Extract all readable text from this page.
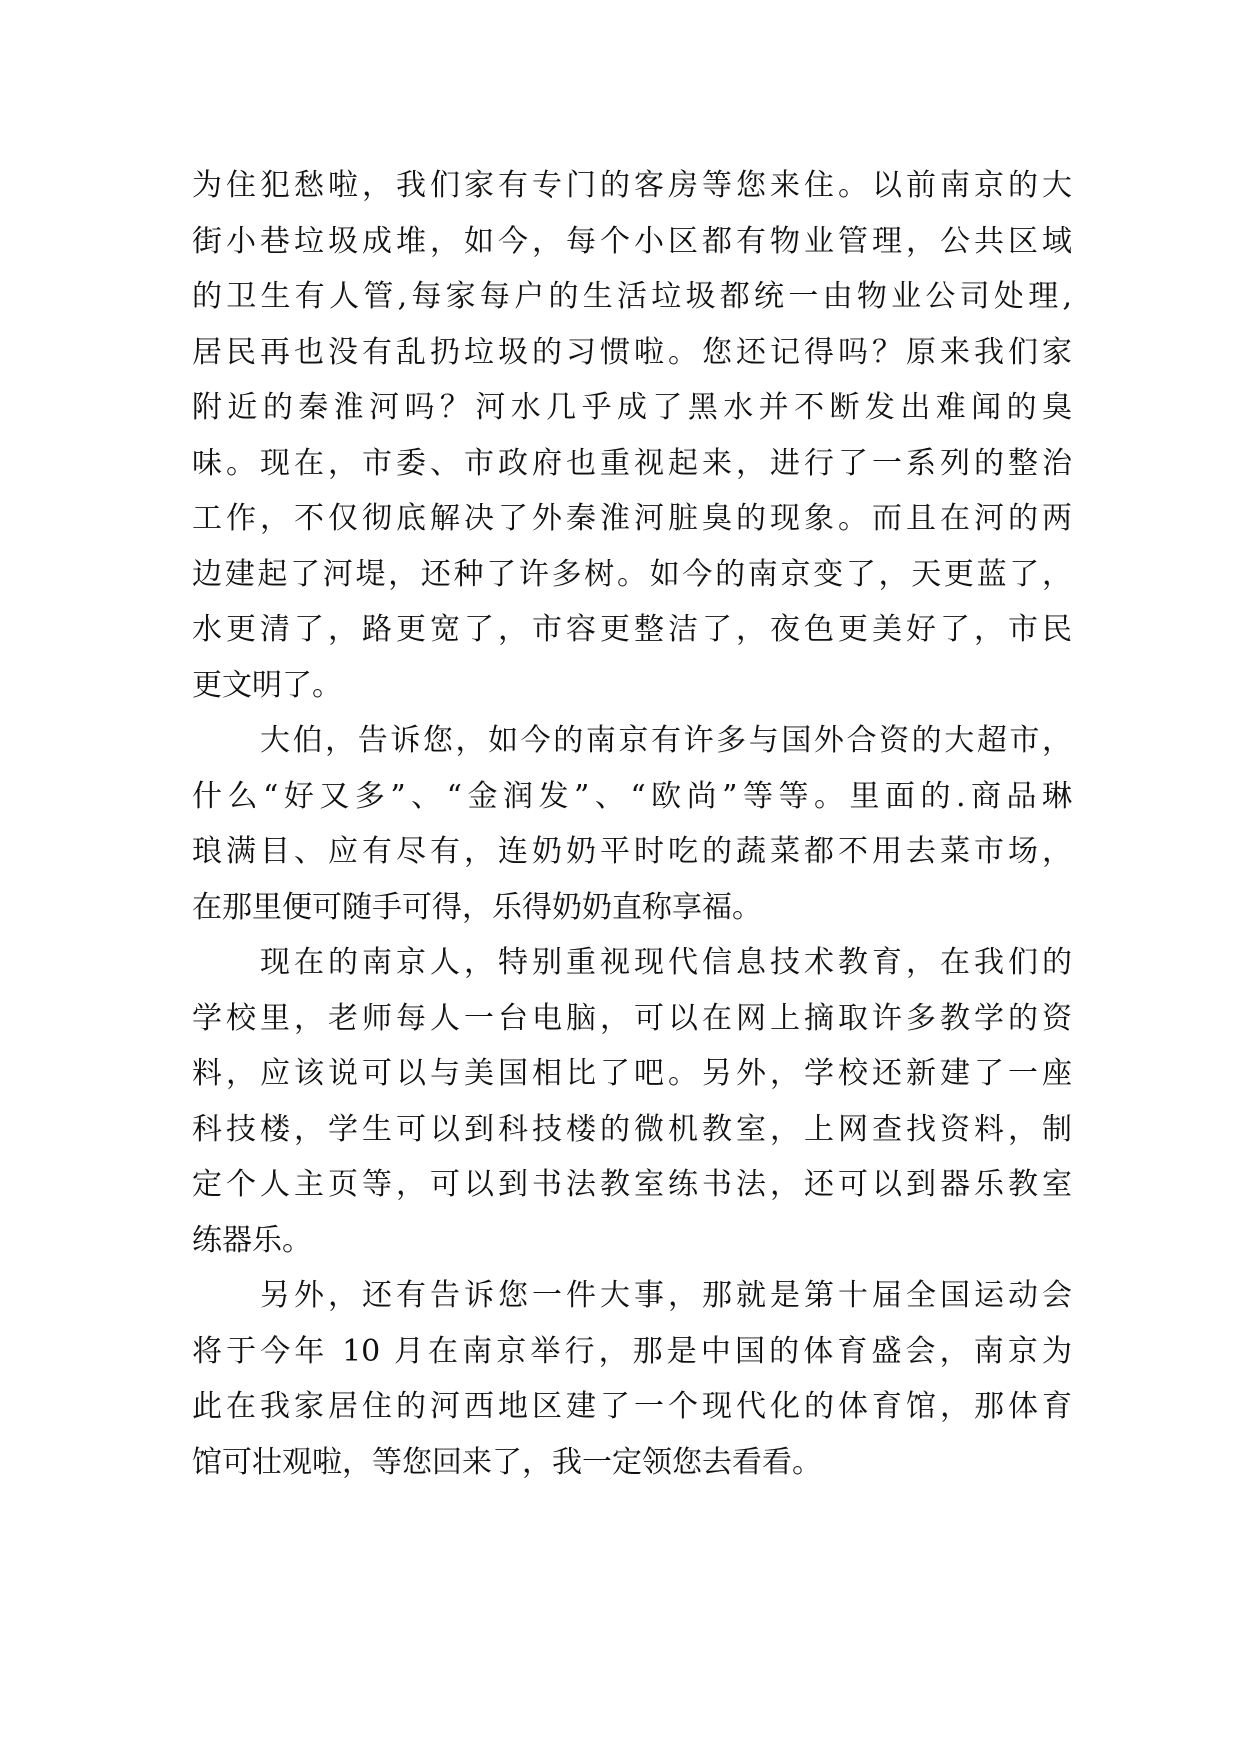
为住犯愁啦，我们家有专门的客房等您来住。以前南京的大
街小巷垃圾成堆，如今，每个小区都有物业管理，公共区域
的卫生有人管,每家每户的生活垃圾都统一由物业公司处理,
居民再也没有乱扔垃圾的习惯啦。您还记得吗？原来我们家
附近的秦淮河吗？河水几乎成了黑水并不断发出难闻的臭
味。现在，市委、市政府也重视起来，进行了一系列的整治
工作，不仅彻底解决了外秦淮河脏臭的现象。而且在河的两
边建起了河堤，还种了许多树。如今的南京变了，天更蓝了，
水更清了，路更宽了，市容更整洁了，夜色更美好了，市民
更文明了。
大伯，告诉您，如今的南京有许多与国外合资的大超市，
什么“好又多”、“金润发”、“欧尚”等等。里面的.商品琳
琅满目、应有尽有，连奶奶平时吃的蔬菜都不用去菜市场，
在那里便可随手可得，乐得奶奶直称享福。
现在的南京人，特别重视现代信息技术教育，在我们的
学校里，老师每人一台电脑，可以在网上摘取许多教学的资
料，应该说可以与美国相比了吧。另外，学校还新建了一座
科技楼，学生可以到科技楼的微机教室，上网查找资料，制
定个人主页等，可以到书法教室练书法，还可以到器乐教室
练器乐。
另外，还有告诉您一件大事，那就是第十届全国运动会
将于今年 10 月在南京举行，那是中国的体育盛会，南京为
此在我家居住的河西地区建了一个现代化的体育馆，那体育
馆可壮观啦，等您回来了，我一定领您去看看。
